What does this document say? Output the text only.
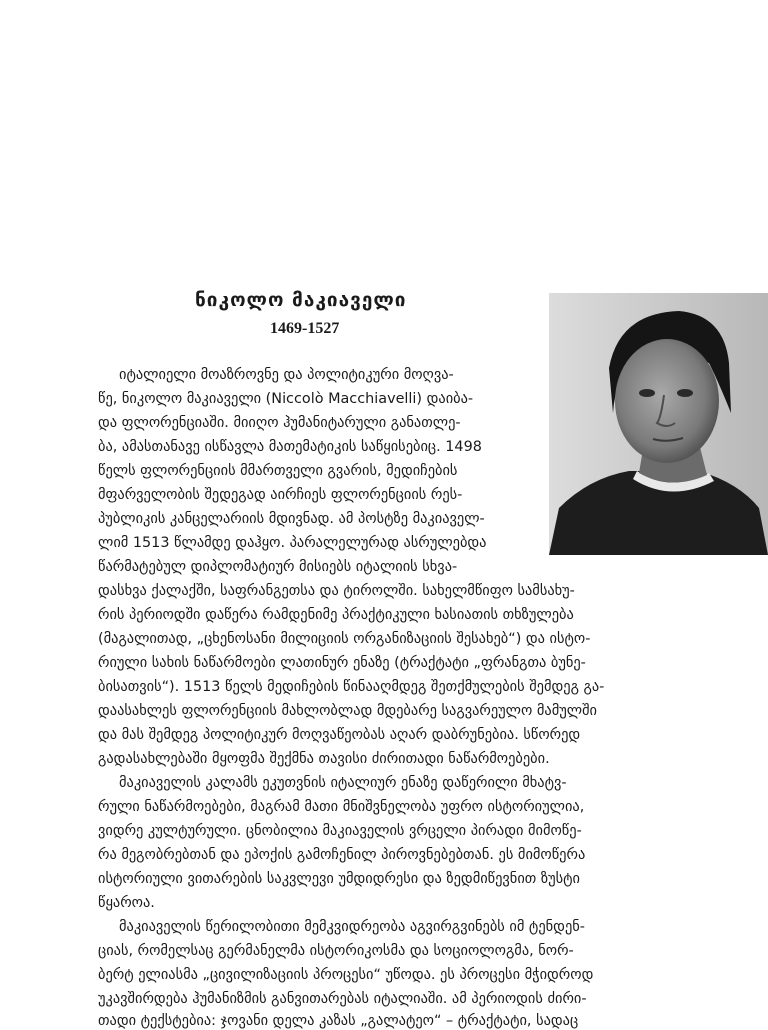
ნიკოლო მაკიაველი
1469-1527
იტალიელი მოაზროვნე და პოლიტიკური მოღვა-
წე, ნიკოლო მაკიაველი (Niccolò Macchiavelli) დაიბა-
და ფლორენციაში. მიიღო ჰუმანიტარული განათლე-
ბა, ამასთანავე ისწავლა მათემატიკის საწყისებიც. 1498
წელს ფლორენციის მმართველი გვარის, მედიჩების
მფარველობის შედეგად აირჩიეს ფლორენციის რეს-
პუბლიკის კანცელარიის მდივნად. ამ პოსტზე მაკიაველ-
ლიმ 1513 წლამდე დაჰყო. პარალელურად ასრულებდა
წარმატებულ დიპლომატიურ მისიებს იტალიის სხვა-
დასხვა ქალაქში, საფრანგეთსა და ტიროლში. სახელმწიფო სამსახუ-
რის პერიოდში დაწერა რამდენიმე პრაქტიკული ხასიათის თხზულება
(მაგალითად, „ცხენოსანი მილიციის ორგანიზაციის შესახებ“) და ისტო-
რიული სახის ნაწარმოები ლათინურ ენაზე (ტრაქტატი „ფრანგთა ბუნე-
ბისათვის“). 1513 წელს მედიჩების წინააღმდეგ შეთქმულების შემდეგ გა-
დაასახლეს ფლორენციის მახლობლად მდებარე საგვარეულო მამულში
და მას შემდეგ პოლიტიკურ მოღვაწეობას აღარ დაბრუნებია. სწორედ
გადასახლებაში მყოფმა შექმნა თავისი ძირითადი ნაწარმოებები.
მაკიაველის კალამს ეკუთვნის იტალიურ ენაზე დაწერილი მხატვ-
რული ნაწარმოებები, მაგრამ მათი მნიშვნელობა უფრო ისტორიულია,
ვიდრე კულტურული. ცნობილია მაკიაველის ვრცელი პირადი მიმოწე-
რა მეგობრებთან და ეპოქის გამოჩენილ პიროვნებებთან. ეს მიმოწერა
ისტორიული ვითარების საკვლევი უმდიდრესი და ზედმიწევნით ზუსტი
წყაროა.
მაკიაველის წერილობითი მემკვიდრეობა აგვირგვინებს იმ ტენდენ-
ციას, რომელსაც გერმანელმა ისტორიკოსმა და სოციოლოგმა, ნორ-
ბერტ ელიასმა „ცივილიზაციის პროცესი“ უწოდა. ეს პროცესი მჭიდროდ
უკავშირდება ჰუმანიზმის განვითარებას იტალიაში. ამ პერიოდის ძირი-
თადი ტექსტებია: ჯოვანი დელა კაზას „გალატეო“ – ტრაქტატი, სადაც
